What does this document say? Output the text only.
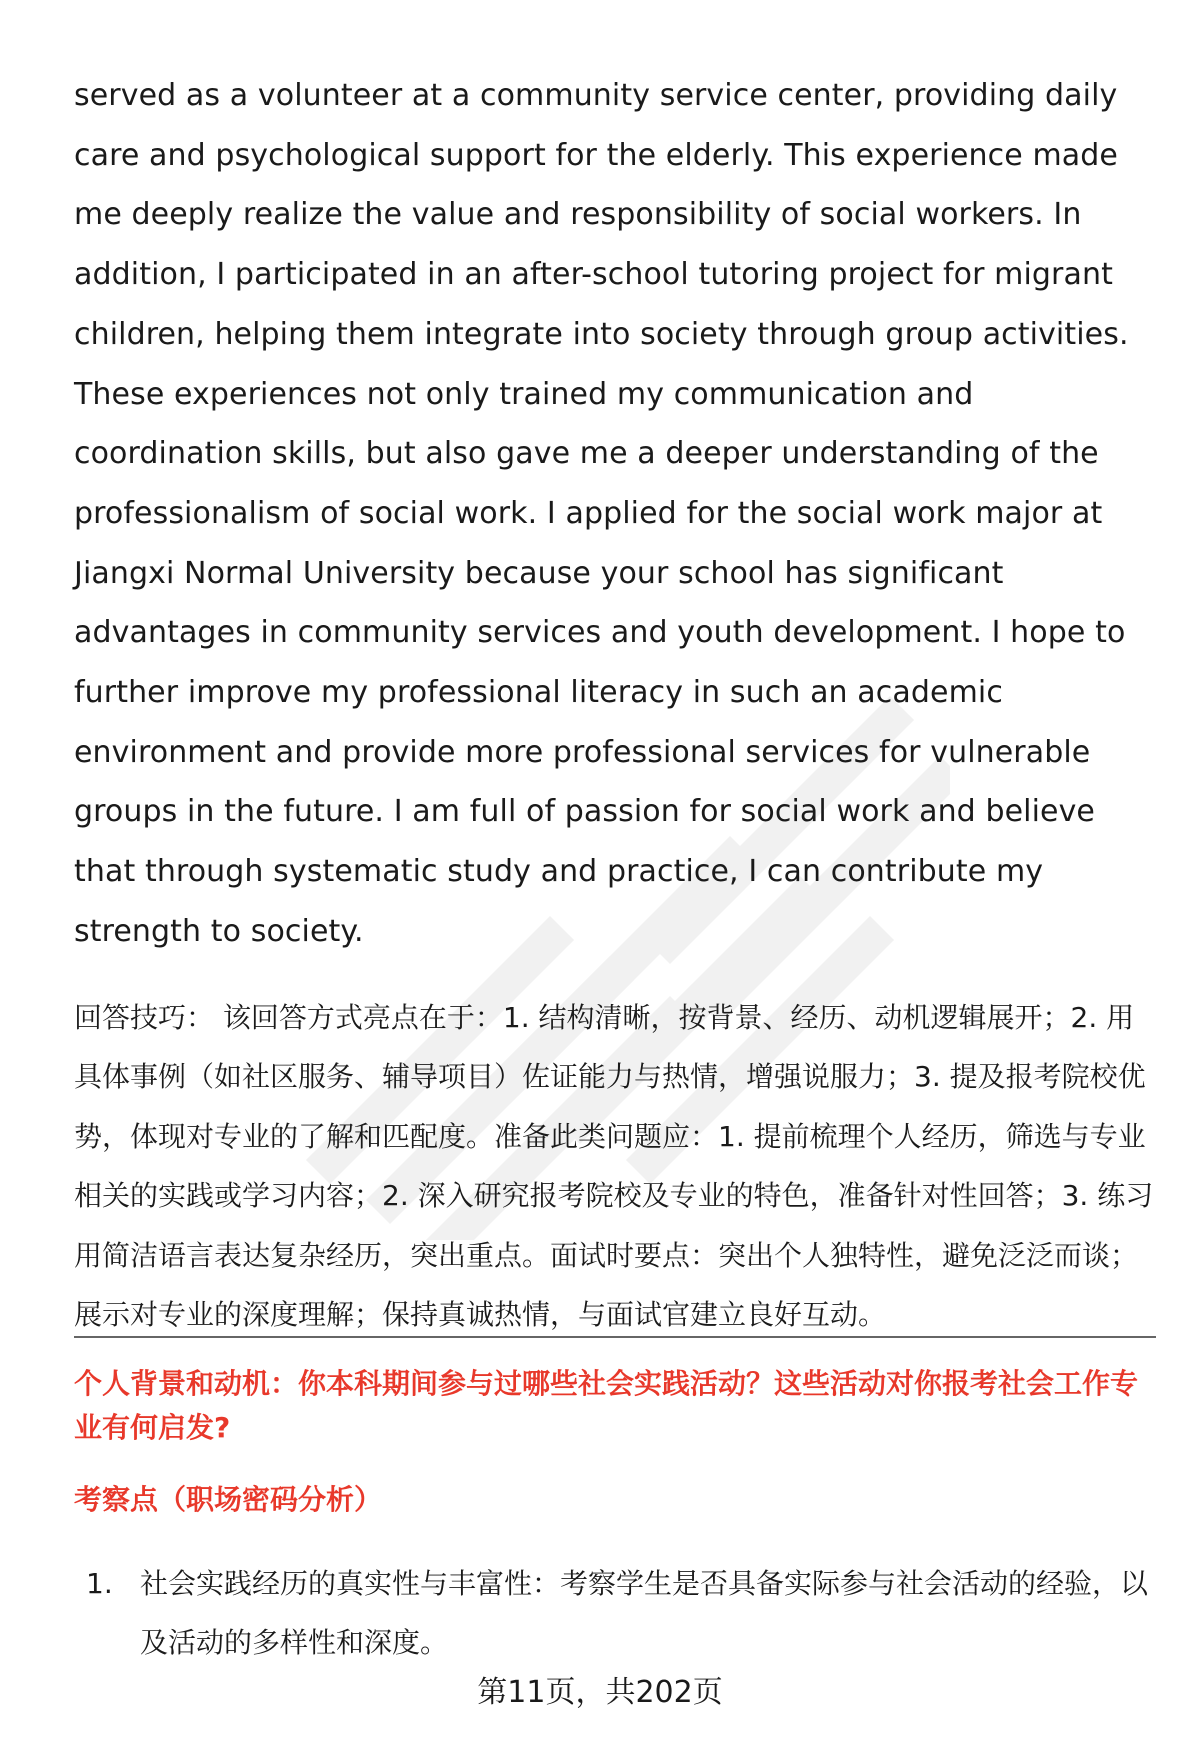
served as a volunteer at a community service center, providing daily care and psychological support for the elderly. This experience made me deeply realize the value and responsibility of social workers. In addition, I participated in an after-school tutoring project for migrant children, helping them integrate into society through group activities. These experiences not only trained my communication and coordination skills, but also gave me a deeper understanding of the professionalism of social work. I applied for the social work major at Jiangxi Normal University because your school has significant advantages in community services and youth development. I hope to further improve my professional literacy in such an academic environment and provide more professional services for vulnerable groups in the future. I am full of passion for social work and believe that through systematic study and practice, I can contribute my strength to society.

回答技巧： 该回答方式亮点在于：1. 结构清晰，按背景、经历、动机逻辑展开；2. 用具体事例（如社区服务、辅导项目）佐证能力与热情，增强说服力；3. 提及报考院校优势，体现对专业的了解和匹配度。准备此类问题应：1. 提前梳理个人经历，筛选与专业相关的实践或学习内容；2. 深入研究报考院校及专业的特色，准备针对性回答；3. 练习用简洁语言表达复杂经历，突出重点。面试时要点：突出个人独特性，避免泛泛而谈；展示对专业的深度理解；保持真诚热情，与面试官建立良好互动。

个人背景和动机：你本科期间参与过哪些社会实践活动？这些活动对你报考社会工作专业有何启发?

考察点（职场密码分析）

1. 社会实践经历的真实性与丰富性：考察学生是否具备实际参与社会活动的经验，以及活动的多样性和深度。
第11页，共202页
